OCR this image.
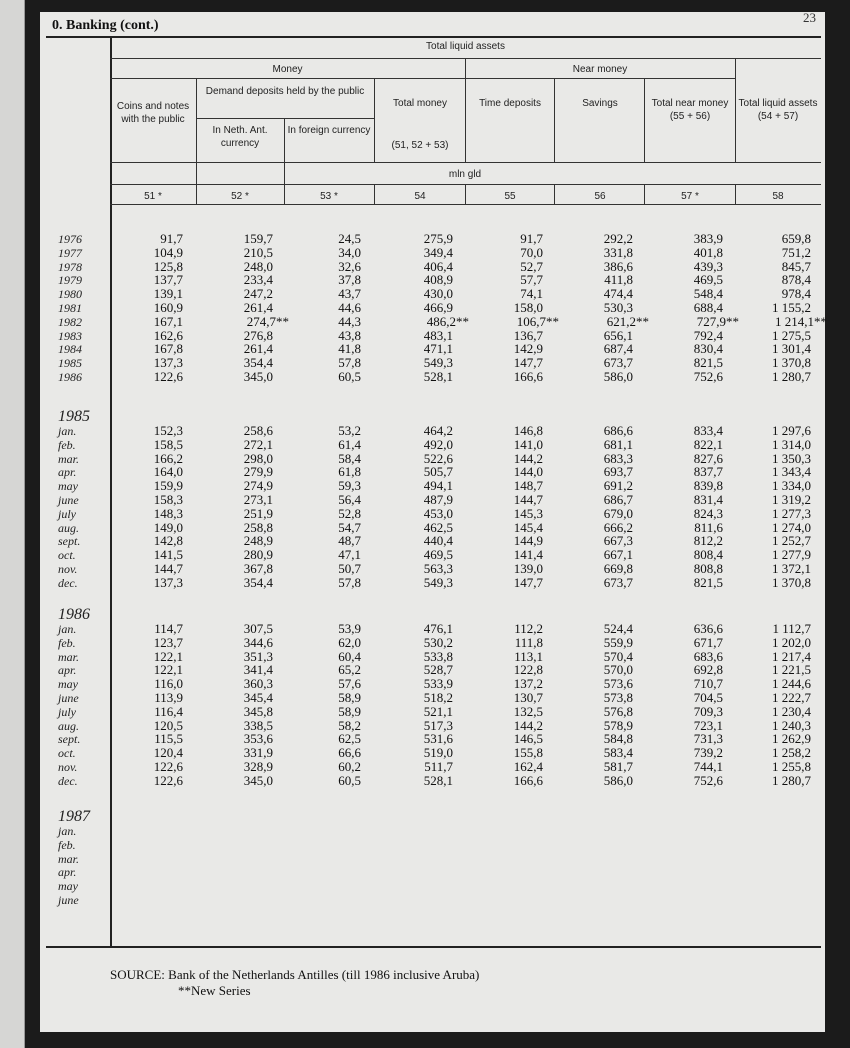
23
0. Banking (cont.)
Total liquid assets
Money	Near money
Demand deposits held by the public
Coins and notes with the public
In Neth. Ant. currency
In foreign currency
Total money
(51, 52 + 53)
Time deposits	Savings	Total near money (55 + 56)
Total liquid assets (54 + 57)
mln gld
51 *	52 *	53 *	54	55	56	57 *	58
1976	91,7	159,7	24,5	275,9	91,7	292,2	383,9	659,8
1977	104,9	210,5	34,0	349,4	70,0	331,8	401,8	751,2
1978	125,8	248,0	32,6	406,4	52,7	386,6	439,3	845,7
1979	137,7	233,4	37,8	408,9	57,7	411,8	469,5	878,4
1980	139,1	247,2	43,7	430,0	74,1	474,4	548,4	978,4
1981	160,9	261,4	44,6	466,9	158,0	530,3	688,4	1 155,2
1982	167,1	274,7**	44,3	486,2**	106,7**	621,2**	727,9**	1 214,1**
1983	162,6	276,8	43,8	483,1	136,7	656,1	792,4	1 275,5
1984	167,8	261,4	41,8	471,1	142,9	687,4	830,4	1 301,4
1985	137,3	354,4	57,8	549,3	147,7	673,7	821,5	1 370,8
1986	122,6	345,0	60,5	528,1	166,6	586,0	752,6	1 280,7
1985
jan.	152,3	258,6	53,2	464,2	146,8	686,6	833,4	1 297,6
feb.	158,5	272,1	61,4	492,0	141,0	681,1	822,1	1 314,0
mar.	166,2	298,0	58,4	522,6	144,2	683,3	827,6	1 350,3
apr.	164,0	279,9	61,8	505,7	144,0	693,7	837,7	1 343,4
may	159,9	274,9	59,3	494,1	148,7	691,2	839,8	1 334,0
june	158,3	273,1	56,4	487,9	144,7	686,7	831,4	1 319,2
july	148,3	251,9	52,8	453,0	145,3	679,0	824,3	1 277,3
aug.	149,0	258,8	54,7	462,5	145,4	666,2	811,6	1 274,0
sept.	142,8	248,9	48,7	440,4	144,9	667,3	812,2	1 252,7
oct.	141,5	280,9	47,1	469,5	141,4	667,1	808,4	1 277,9
nov.	144,7	367,8	50,7	563,3	139,0	669,8	808,8	1 372,1
dec.	137,3	354,4	57,8	549,3	147,7	673,7	821,5	1 370,8
1986
jan.	114,7	307,5	53,9	476,1	112,2	524,4	636,6	1 112,7
feb.	123,7	344,6	62,0	530,2	111,8	559,9	671,7	1 202,0
mar.	122,1	351,3	60,4	533,8	113,1	570,4	683,6	1 217,4
apr.	122,1	341,4	65,2	528,7	122,8	570,0	692,8	1 221,5
may	116,0	360,3	57,6	533,9	137,2	573,6	710,7	1 244,6
june	113,9	345,4	58,9	518,2	130,7	573,8	704,5	1 222,7
july	116,4	345,8	58,9	521,1	132,5	576,8	709,3	1 230,4
aug.	120,5	338,5	58,2	517,3	144,2	578,9	723,1	1 240,3
sept.	115,5	353,6	62,5	531,6	146,5	584,8	731,3	1 262,9
oct.	120,4	331,9	66,6	519,0	155,8	583,4	739,2	1 258,2
nov.	122,6	328,9	60,2	511,7	162,4	581,7	744,1	1 255,8
dec.	122,6	345,0	60,5	528,1	166,6	586,0	752,6	1 280,7
1987
jan.
feb.
mar.
apr.
may
june
SOURCE: Bank of the Netherlands Antilles (till 1986 inclusive Aruba)
**New Series
